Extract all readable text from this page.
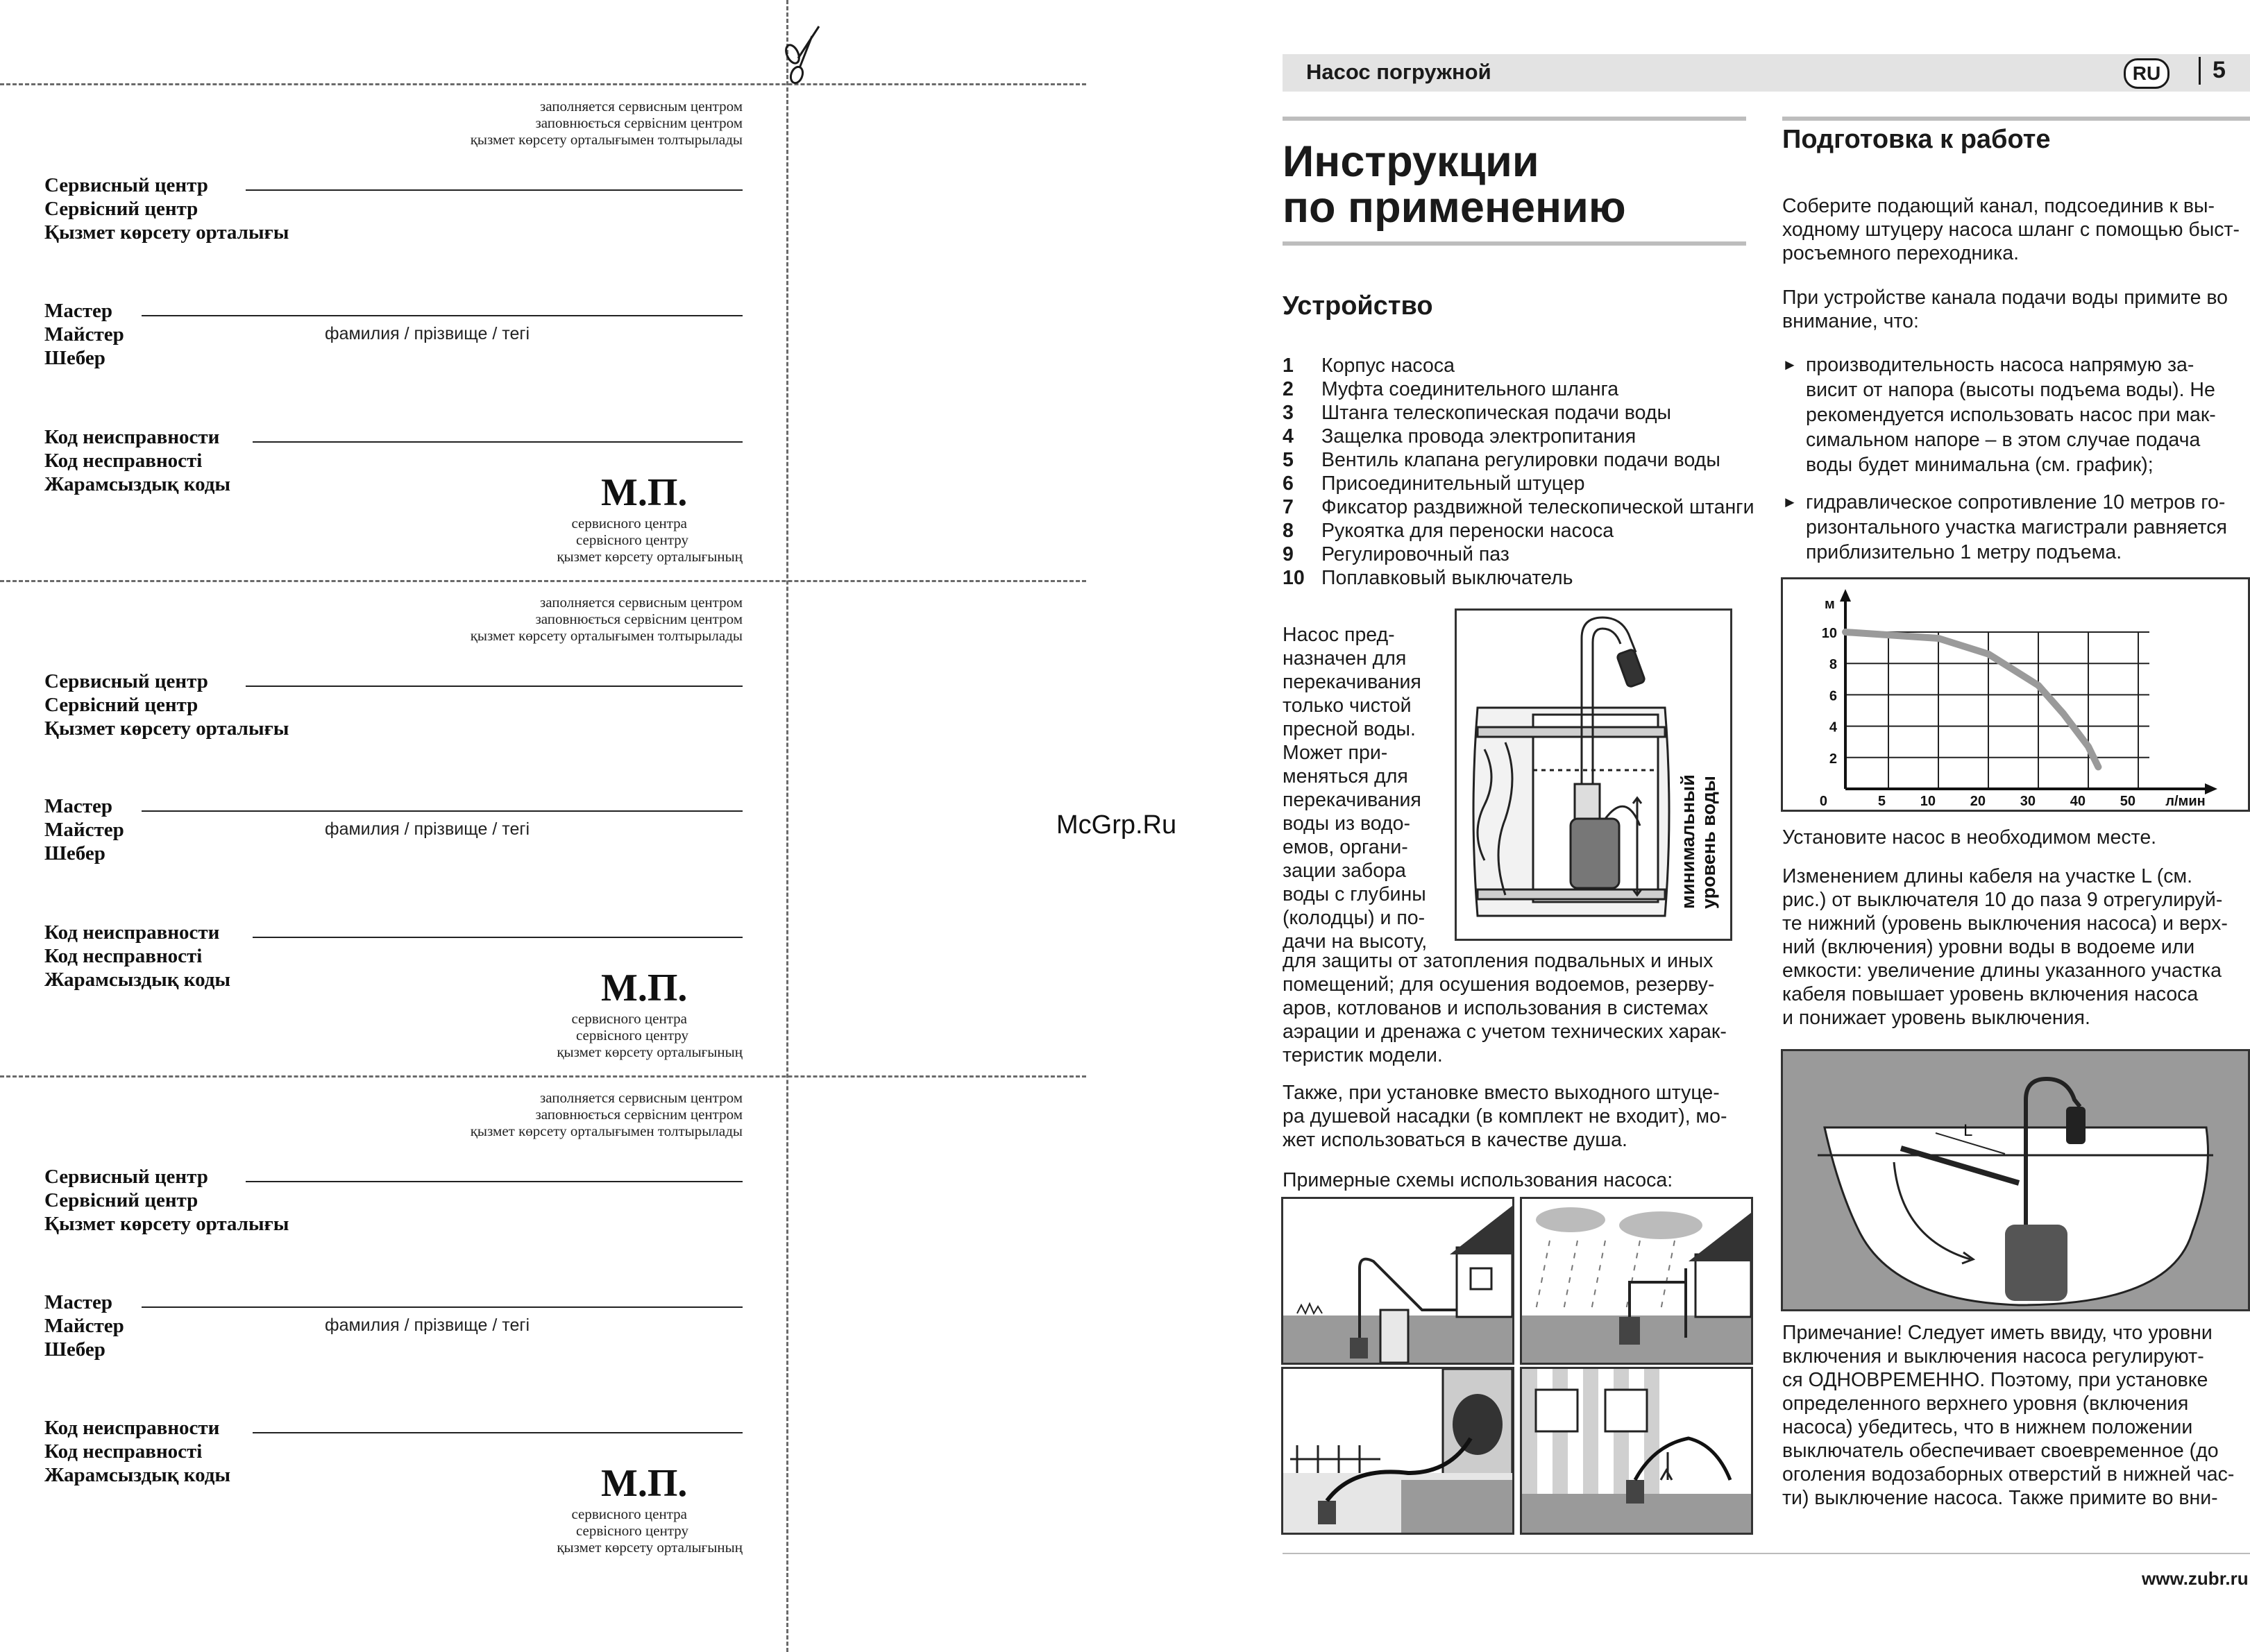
заполняется сервисным центром
заповнюється сервісним центром
қызмет көрсету орталығымен толтырылады
Сервисный центр
Сервісний центр
Қызмет көрсету орталығы
Мастер
Майстер
Шебер
фамилия / прізвище / тегі
Код неисправности
Код несправності
Жарамсыздық коды	М.П.
сервисного центра
сервісного центру
қызмет көрсету орталығының
заполняется сервисным центром
заповнюється сервісним центром
қызмет көрсету орталығымен толтырылады
Сервисный центр
Сервісний центр
Қызмет көрсету орталығы
Мастер
Майстер
Шебер
фамилия / прізвище / тегі
Код неисправности
Код несправності
Жарамсыздық коды	М.П.
сервисного центра
сервісного центру
қызмет көрсету орталығының
заполняется сервисным центром
заповнюється сервісним центром
қызмет көрсету орталығымен толтырылады
Сервисный центр
Сервісний центр
Қызмет көрсету орталығы
Мастер
Майстер
Шебер
фамилия / прізвище / тегі
Код неисправности
Код несправності
Жарамсыздық коды	М.П.
сервисного центра
сервісного центру
қызмет көрсету орталығының
McGrp.Ru
Насос погружной	RU	5
Инструкции
по применению
Устройство
1	Корпус насоса
2	Муфта соединительного шланга
3	Штанга телескопическая подачи воды
4	Защелка провода электропитания
5	Вентиль клапана регулировки подачи воды
6	Присоединительный штуцер
7	Фиксатор раздвижной телескопической штанги
8	Рукоятка для переноски насоса
9	Регулировочный паз
10 Поплавковый выключатель
Насос пред-
назначен для
перекачивания
только чистой
пресной воды.
Может при-
меняться для
перекачивания
воды из водо-
емов, органи-
зации забора
воды с глубины
(колодцы) и по-
дачи на высоту,
для защиты от затопления подвальных и иных
помещений; для осушения водоемов, резерву-
аров, котлованов и использования в системах
аэрации и дренажа с учетом технических харак-
теристик модели.
минимальный уровень воды
Также, при установке вместо выходного штуце-
ра душевой насадки (в комплект не входит), мо-
жет использоваться в качестве душа.
Примерные схемы использования насоса:
Подготовка к работе
Соберите подающий канал, подсоединив к вы-
ходному штуцеру насоса шланг с помощью быст-
росъемного переходника.
При устройстве канала подачи воды примите во
внимание, что:
► производительность насоса напрямую за-
висит от напора (высоты подъема воды). Не
рекомендуется использовать насос при мак-
симальном напоре – в этом случае подача
воды будет минимальна (см. график);
► гидравлическое сопротивление 10 метров го-
ризонтального участка магистрали равняется
приблизительно 1 метру подъема.
2
4
6
8
10
0	5 10 20 30 40 50
м
л/мин
Установите насос в необходимом месте.
Изменением длины кабеля на участке L (см.
рис.) от выключателя 10 до паза 9 отрегулируй-
те нижний (уровень выключения насоса) и верх-
ний (включения) уровни воды в водоеме или
емкости: увеличение длины указанного участка
кабеля повышает уровень включения насоса
и понижает уровень выключения.
L
Примечание! Следует иметь ввиду, что уровни
включения и выключения насоса регулируют-
ся ОДНОВРЕМЕННО. Поэтому, при установке
определенного верхнего уровня (включения
насоса) убедитесь, что в нижнем положении
выключатель обеспечивает своевременное (до
оголения водозаборных отверстий в нижней час-
ти) выключение насоса. Также примите во вни-
www.zubr.ru
